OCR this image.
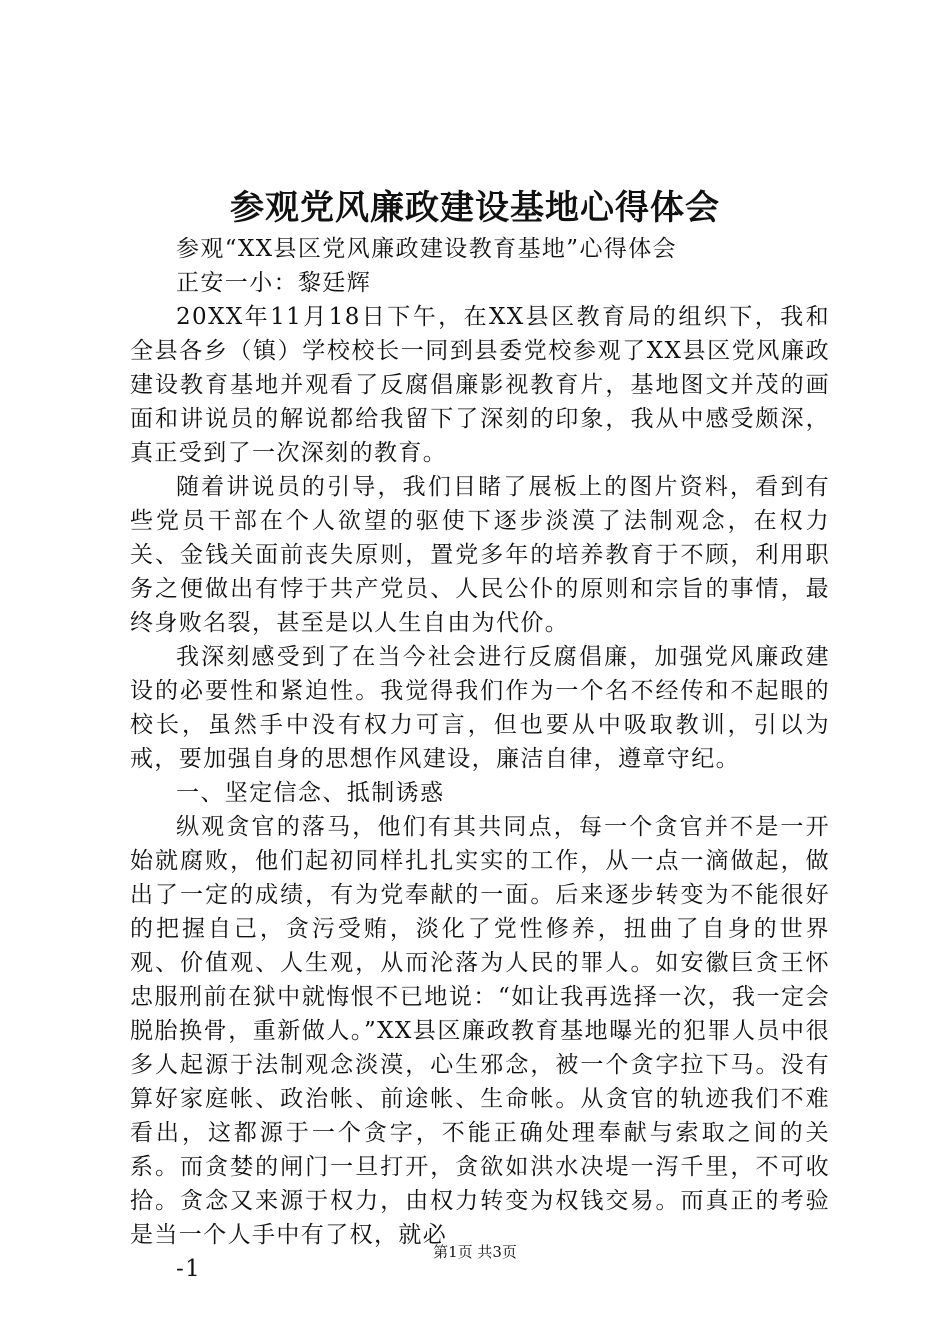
参观党风廉政建设基地心得体会

参观“XX县区党风廉政建设教育基地”心得体会

正安一小：黎廷辉

20XX年11月18日下午，在XX县区教育局的组织下，我和全县各乡（镇）学校校长一同到县委党校参观了XX县区党风廉政建设教育基地并观看了反腐倡廉影视教育片，基地图文并茂的画面和讲说员的解说都给我留下了深刻的印象，我从中感受颇深，真正受到了一次深刻的教育。

随着讲说员的引导，我们目睹了展板上的图片资料，看到有些党员干部在个人欲望的驱使下逐步淡漠了法制观念，在权力关、金钱关面前丧失原则，置党多年的培养教育于不顾，利用职务之便做出有悖于共产党员、人民公仆的原则和宗旨的事情，最终身败名裂，甚至是以人生自由为代价。

我深刻感受到了在当今社会进行反腐倡廉，加强党风廉政建设的必要性和紧迫性。我觉得我们作为一个名不经传和不起眼的校长，虽然手中没有权力可言，但也要从中吸取教训，引以为戒，要加强自身的思想作风建设，廉洁自律，遵章守纪。

一、坚定信念、抵制诱惑

纵观贪官的落马，他们有其共同点，每一个贪官并不是一开始就腐败，他们起初同样扎扎实实的工作，从一点一滴做起，做出了一定的成绩，有为党奉献的一面。后来逐步转变为不能很好的把握自己，贪污受贿，淡化了党性修养，扭曲了自身的世界观、价值观、人生观，从而沦落为人民的罪人。如安徽巨贪王怀忠服刑前在狱中就悔恨不已地说：“如让我再选择一次，我一定会脱胎换骨，重新做人。”XX县区廉政教育基地曝光的犯罪人员中很多人起源于法制观念淡漠，心生邪念，被一个贪字拉下马。没有算好家庭帐、政治帐、前途帐、生命帐。从贪官的轨迹我们不难看出，这都源于一个贪字，不能正确处理奉献与索取之间的关系。而贪婪的闸门一旦打开，贪欲如洪水决堤一泻千里，不可收拾。贪念又来源于权力，由权力转变为权钱交易。而真正的考验是当一个人手中有了权，就必

-1

第1页 共3页
